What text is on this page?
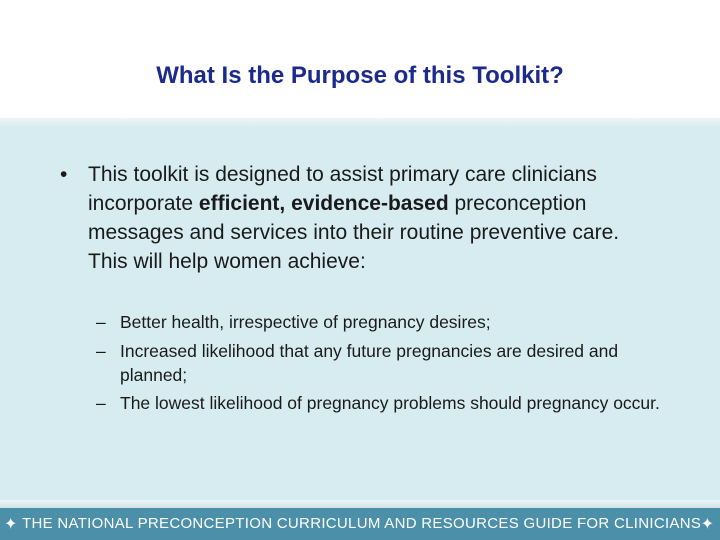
What Is the Purpose of this Toolkit?
• This toolkit is designed to assist primary care clinicians incorporate efficient, evidence-based preconception messages and services into their routine preventive care. This will help women achieve:
– Better health, irrespective of pregnancy desires;
– Increased likelihood that any future pregnancies are desired and planned;
– The lowest likelihood of pregnancy problems should pregnancy occur.
✦ THE NATIONAL PRECONCEPTION CURRICULUM AND RESOURCES GUIDE FOR CLINICIANS ✦
